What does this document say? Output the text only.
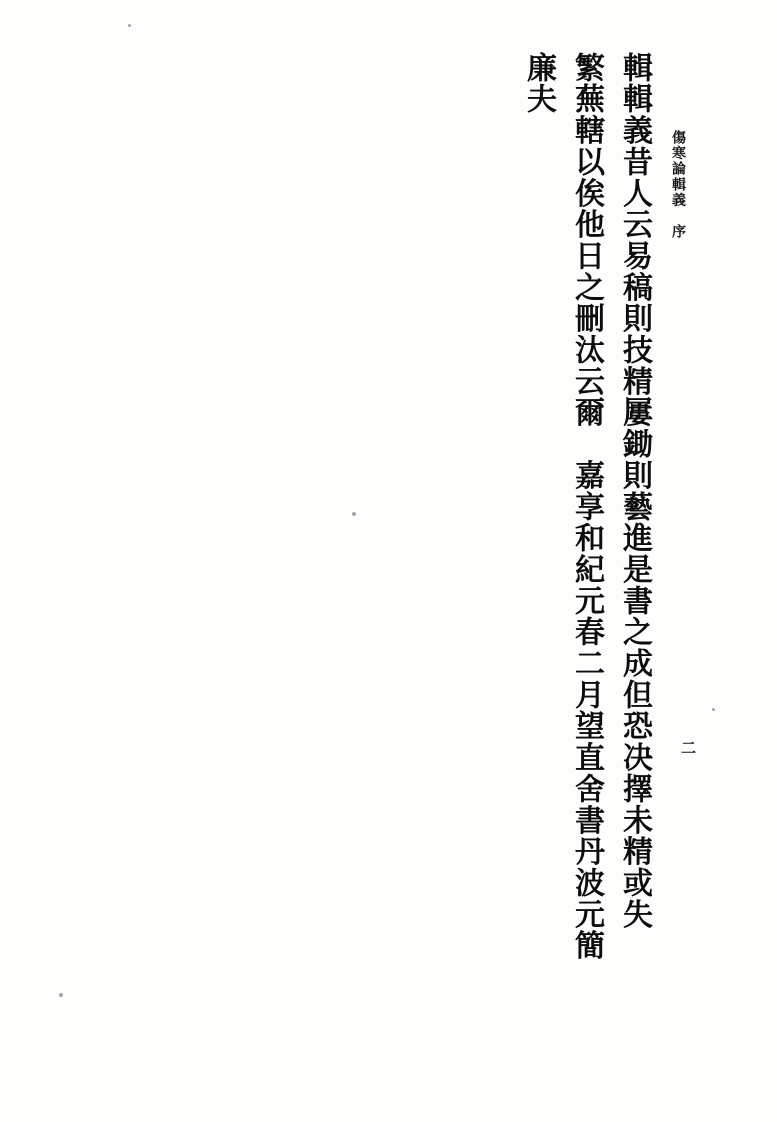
傷寒論輯義　序
二
輯輯義昔人云易稿則技精屢鋤則藝進是書之成但恐决擇未精或失
繁蕪轄以俟他日之刪汰云爾　嘉享和紀元春二月望直舍書丹波元簡
廉夫
